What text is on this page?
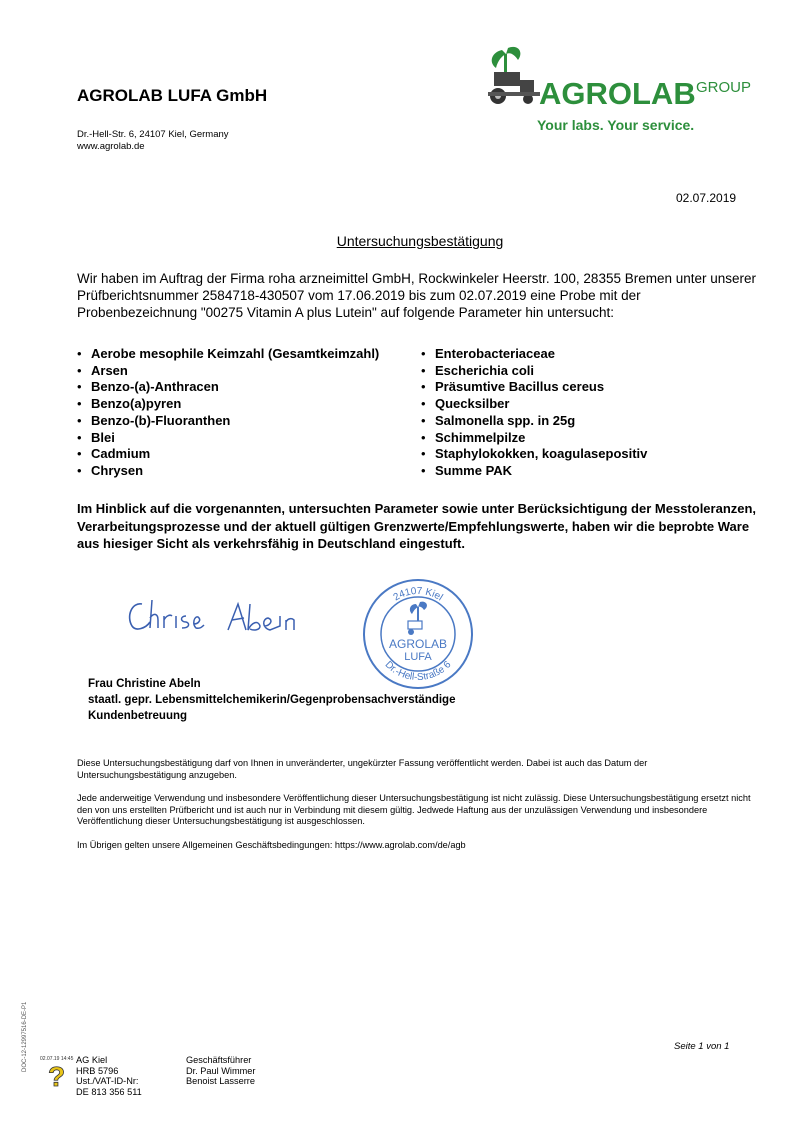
AGROLAB LUFA GmbH
Dr.-Hell-Str. 6, 24107 Kiel, Germany
www.agrolab.de
AGROLAB GROUP
Your labs. Your service.
02.07.2019
Untersuchungsbestätigung
Wir haben im Auftrag der Firma roha arzneimittel GmbH, Rockwinkeler Heerstr. 100, 28355 Bremen unter unserer Prüfberichtsnummer 2584718-430507 vom 17.06.2019 bis zum 02.07.2019 eine Probe mit der Probenbezeichnung "00275 Vitamin A plus Lutein" auf folgende Parameter hin untersucht:
• Aerobe mesophile Keimzahl (Gesamtkeimzahl)
• Arsen
• Benzo-(a)-Anthracen
• Benzo(a)pyren
• Benzo-(b)-Fluoranthen
• Blei
• Cadmium
• Chrysen
• Enterobacteriaceae
• Escherichia coli
• Präsumtive Bacillus cereus
• Quecksilber
• Salmonella spp. in 25g
• Schimmelpilze
• Staphylokokken, koagulasepositiv
• Summe PAK
Im Hinblick auf die vorgenannten, untersuchten Parameter sowie unter Berücksichtigung der Messtoleranzen, Verarbeitungsprozesse und der aktuell gültigen Grenzwerte/Empfehlungswerte, haben wir die beprobte Ware aus hiesiger Sicht als verkehrsfähig in Deutschland eingestuft.
24107 Kiel
Dr.-Hell-Straße 6
AGROLAB
LUFA
Frau Christine Abeln
staatl. gepr. Lebensmittelchemikerin/Gegenprobensachverständige
Kundenbetreuung

Diese Untersuchungsbestätigung darf von Ihnen in unveränderter, ungekürzter Fassung veröffentlicht werden. Dabei ist auch das Datum der Untersuchungsbestätigung anzugeben.

Jede anderweitige Verwendung und insbesondere Veröffentlichung dieser Untersuchungsbestätigung ist nicht zulässig. Diese Untersuchungsbestätigung ersetzt nicht den von uns erstellten Prüfbericht und ist auch nur in Verbindung mit diesem gültig. Jedwede Haftung aus der unzulässigen Verwendung und insbesondere Veröffentlichung dieser Untersuchungsbestätigung ist ausgeschlossen.

Im Übrigen gelten unsere Allgemeinen Geschäftsbedingungen: https://www.agrolab.com/de/agb

Seite 1 von 1
DOC-12-12997516-DE-P1
?
02.07.19 14:45 AG Kiel
HRB 5796
Ust./VAT-ID-Nr:
DE 813 356 511
Geschäftsführer
Dr. Paul Wimmer
Benoist Lasserre
